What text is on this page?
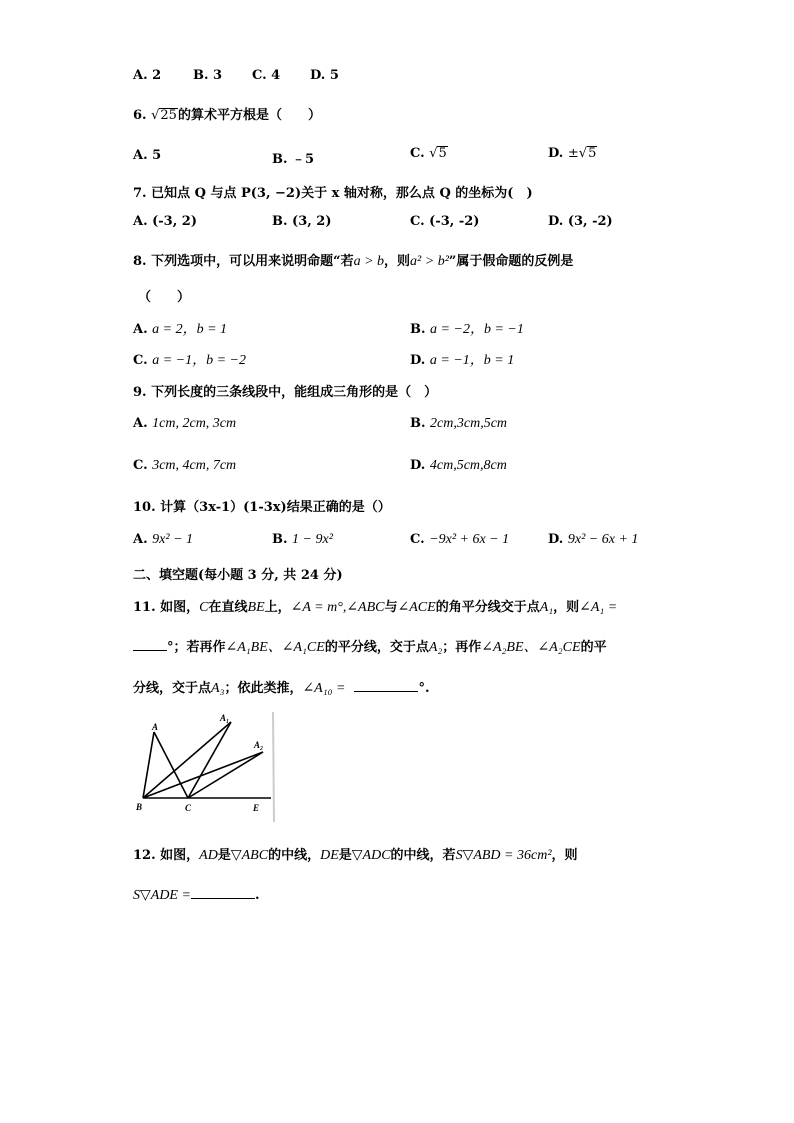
A. 2 B. 3 C. 4 D. 5
6. √25的算术平方根是（　　）
A. 5	B. ﹣5	C. √5	D. ±√5
7. 已知点 Q 与点 P(3, −2)关于 x 轴对称，那么点 Q 的坐标为(　)
A. (-3, 2)	B. (3, 2)	C. (-3, -2)	D. (3, -2)
8. 下列选项中，可以用来说明命题“若a > b，则a² > b²”属于假命题的反例是
（　　）
A. a = 2，b = 1	B. a = −2，b = −1
C. a = −1，b = −2	D. a = −1，b = 1
9. 下列长度的三条线段中，能组成三角形的是（　）
A. 1cm, 2cm, 3cm	B. 2cm,3cm,5cm
C. 3cm, 4cm, 7cm	D. 4cm,5cm,8cm
10. 计算（3x-1）(1-3x)结果正确的是（）
A. 9x² − 1	B. 1 − 9x²	C. −9x² + 6x − 1	D. 9x² − 6x + 1
二、填空题(每小题 3 分, 共 24 分)
11. 如图，C在直线BE上，∠A = m°,∠ABC与∠ACE的角平分线交于点A₁，则∠A₁ =
°；若再作∠A₁BE、∠A₁CE的平分线，交于点A₂；再作∠A₂BE、∠A₂CE的平
分线，交于点A₃；依此类推，∠A₁₀ =	°.
A
A₁
A₂
B	C	E
12. 如图，AD是▽ABC的中线，DE是▽ADC的中线，若S▽ABD = 36cm²，则
S▽ADE =	.
